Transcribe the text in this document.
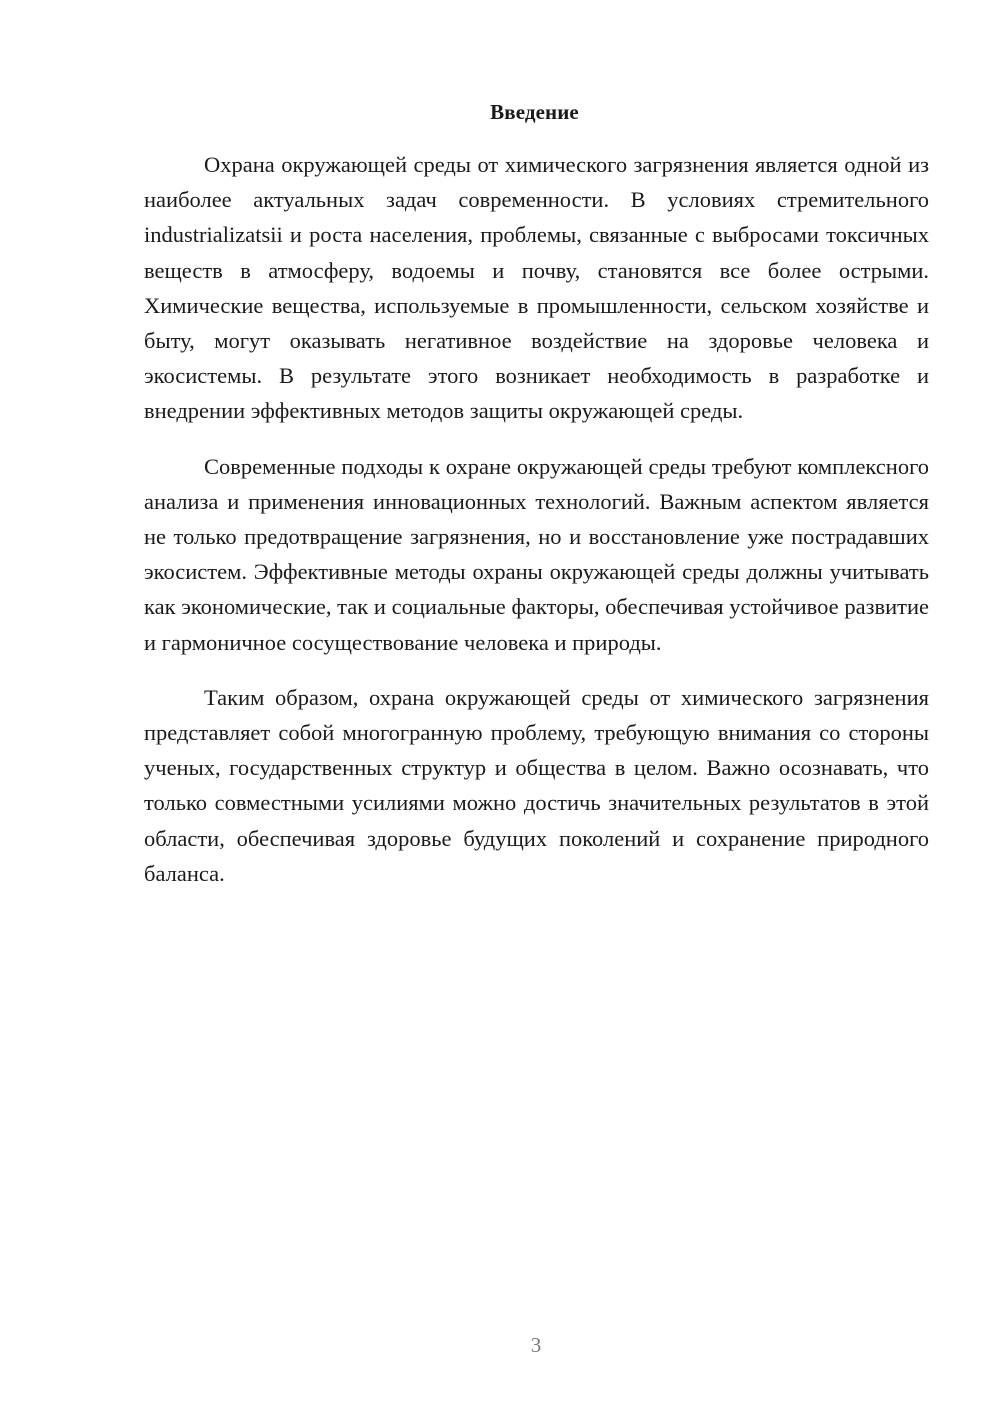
Введение

Охрана окружающей среды от химического загрязнения является одной из наиболее актуальных задач современности. В условиях стремительного industrializatsii и роста населения, проблемы, связанные с выбросами токсичных веществ в атмосферу, водоемы и почву, становятся все более острыми. Химические вещества, используемые в промышленности, сельском хозяйстве и быту, могут оказывать негативное воздействие на здоровье человека и экосистемы. В результате этого возникает необходимость в разработке и внедрении эффективных методов защиты окружающей среды.

Современные подходы к охране окружающей среды требуют комплексного анализа и применения инновационных технологий. Важным аспектом является не только предотвращение загрязнения, но и восстановление уже пострадавших экосистем. Эффективные методы охраны окружающей среды должны учитывать как экономические, так и социальные факторы, обеспечивая устойчивое развитие и гармоничное сосуществование человека и природы.

Таким образом, охрана окружающей среды от химического загрязнения представляет собой многогранную проблему, требующую внимания со стороны ученых, государственных структур и общества в целом. Важно осознавать, что только совместными усилиями можно достичь значительных результатов в этой области, обеспечивая здоровье будущих поколений и сохранение природного баланса.

3
